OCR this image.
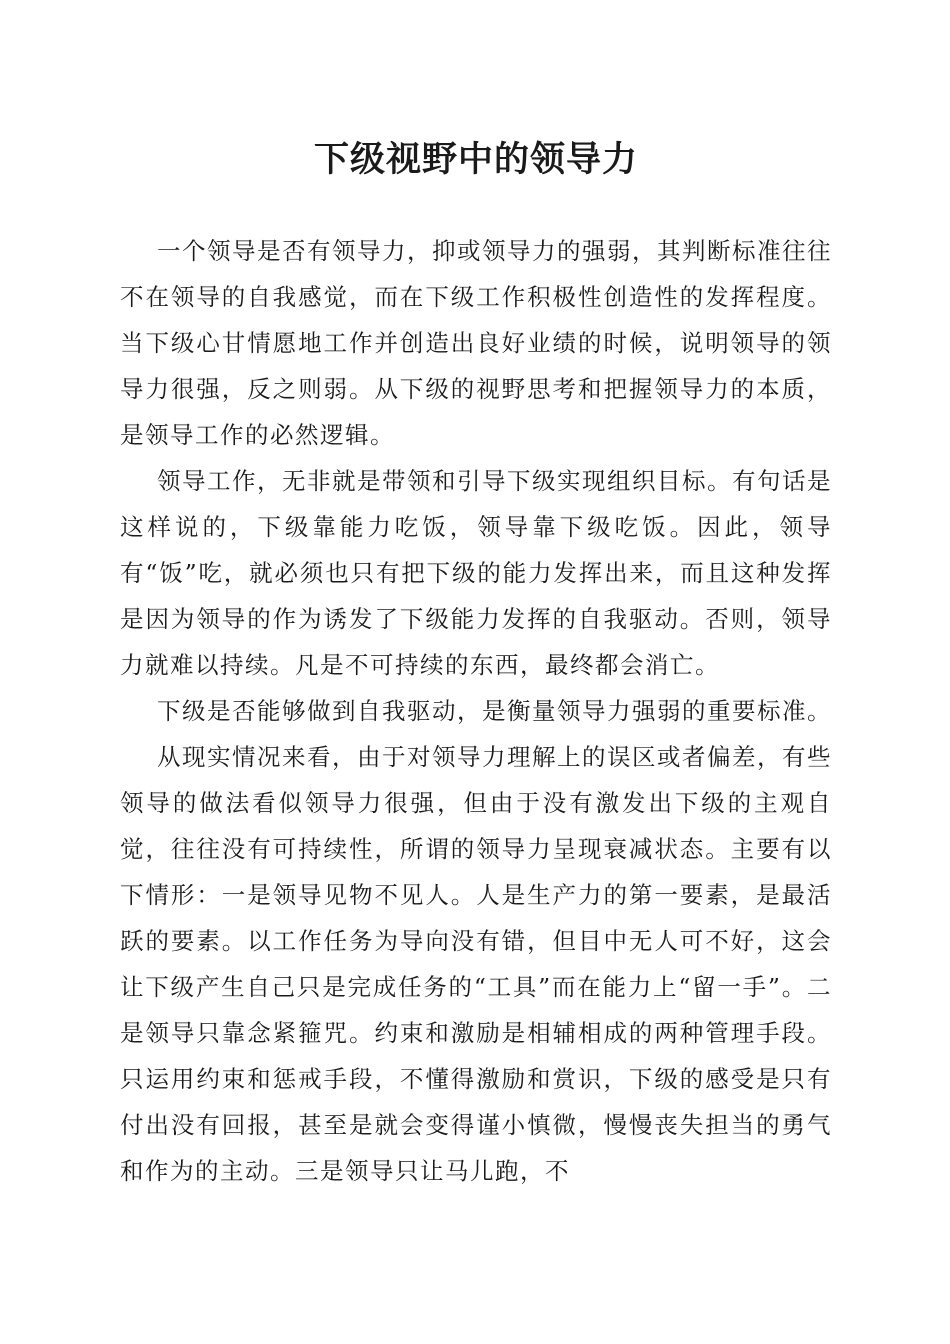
下级视野中的领导力

一个领导是否有领导力，抑或领导力的强弱，其判断标准往往不在领导的自我感觉，而在下级工作积极性创造性的发挥程度。当下级心甘情愿地工作并创造出良好业绩的时候，说明领导的领导力很强，反之则弱。从下级的视野思考和把握领导力的本质，是领导工作的必然逻辑。

领导工作，无非就是带领和引导下级实现组织目标。有句话是这样说的，下级靠能力吃饭，领导靠下级吃饭。因此，领导有“饭”吃，就必须也只有把下级的能力发挥出来，而且这种发挥是因为领导的作为诱发了下级能力发挥的自我驱动。否则，领导力就难以持续。凡是不可持续的东西，最终都会消亡。

下级是否能够做到自我驱动，是衡量领导力强弱的重要标准。

从现实情况来看，由于对领导力理解上的误区或者偏差，有些领导的做法看似领导力很强，但由于没有激发出下级的主观自觉，往往没有可持续性，所谓的领导力呈现衰减状态。主要有以下情形：一是领导见物不见人。人是生产力的第一要素，是最活跃的要素。以工作任务为导向没有错，但目中无人可不好，这会让下级产生自己只是完成任务的“工具”而在能力上“留一手”。二是领导只靠念紧箍咒。约束和激励是相辅相成的两种管理手段。只运用约束和惩戒手段，不懂得激励和赏识，下级的感受是只有付出没有回报，甚至是就会变得谨小慎微，慢慢丧失担当的勇气和作为的主动。三是领导只让马儿跑，不
